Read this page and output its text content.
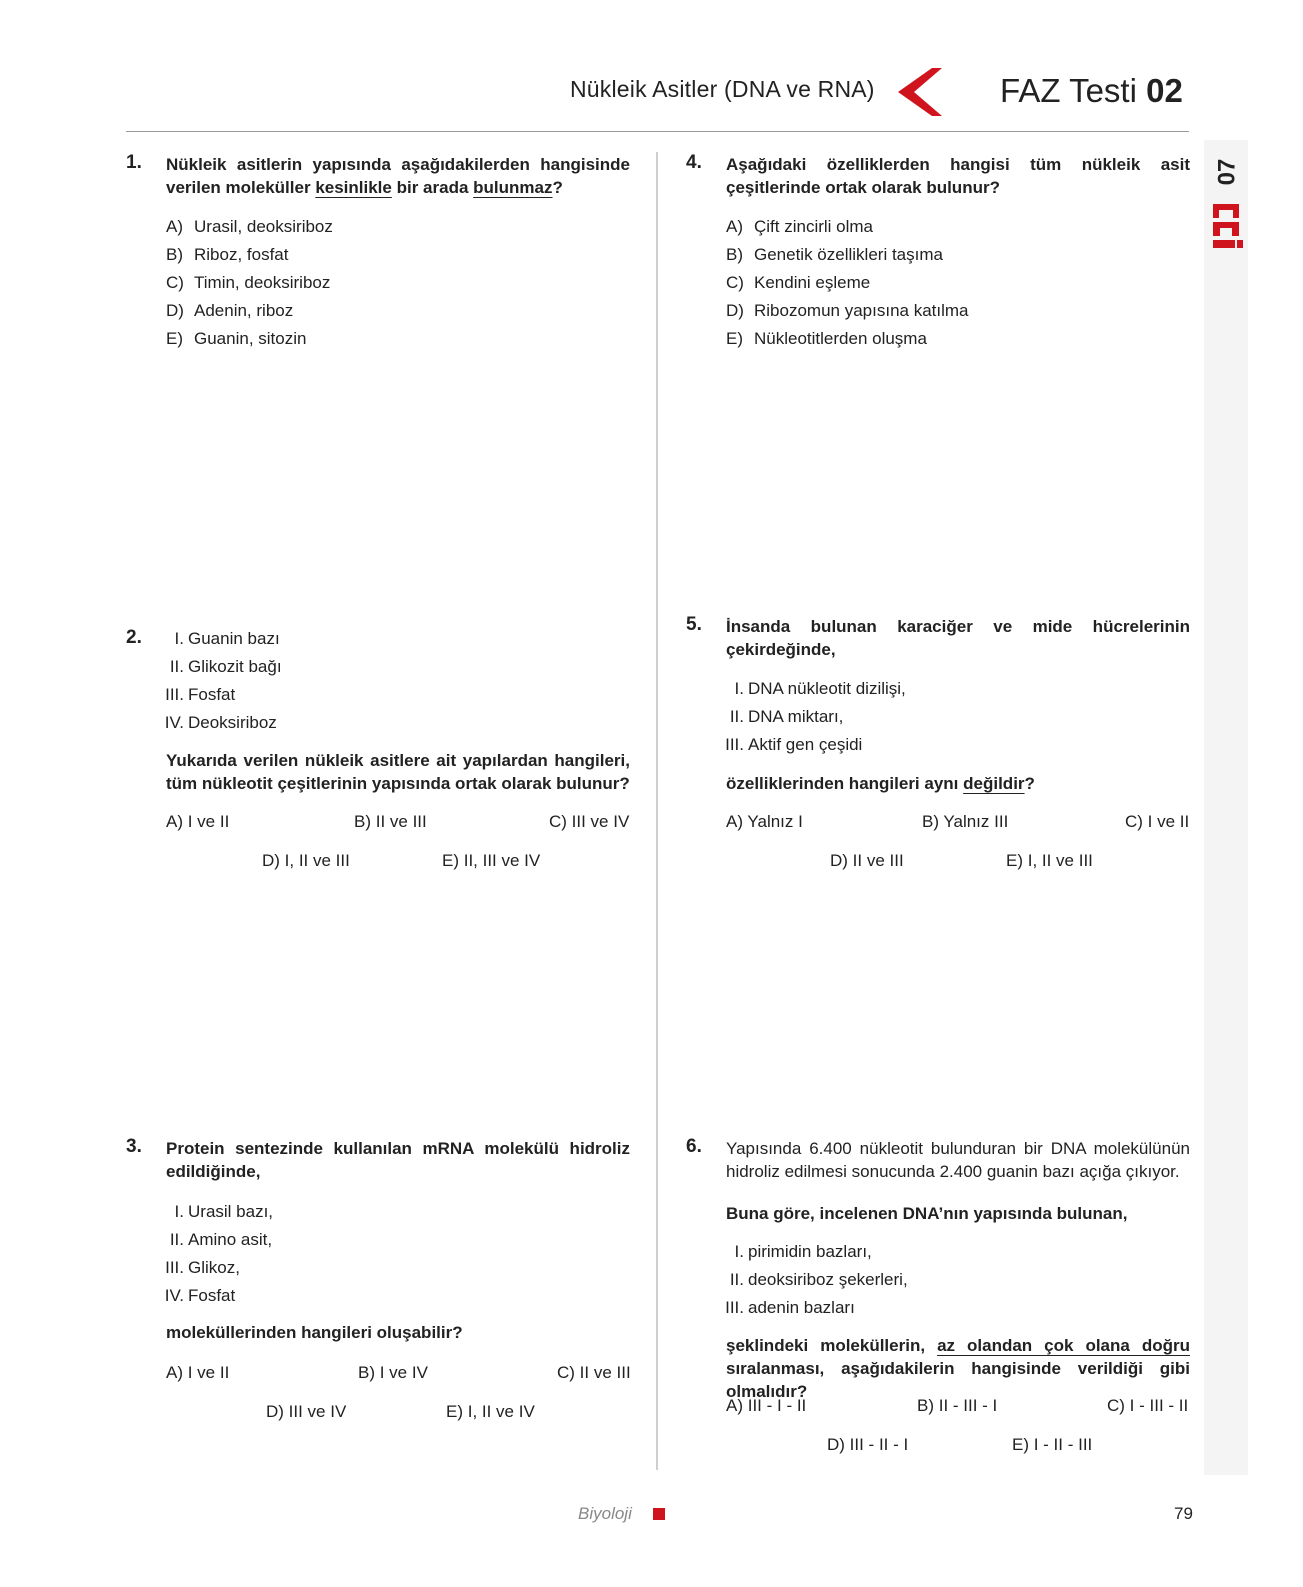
Nükleik Asitler (DNA ve RNA)	FAZ Testi 02
07
1. Nükleik asitlerin yapısında aşağıdakilerden hangisinde verilen moleküller kesinlikle bir arada bulunmaz?
A) Urasil, deoksiriboz
B) Riboz, fosfat
C) Timin, deoksiriboz
D) Adenin, riboz
E) Guanin, sitozin
2.	I. Guanin bazı
II. Glikozit bağı
III. Fosfat
IV. Deoksiriboz
Yukarıda verilen nükleik asitlere ait yapılardan hangileri, tüm nükleotit çeşitlerinin yapısında ortak olarak bulunur?
A) I ve II	B) II ve III	C) III ve IV
D) I, II ve III	E) II, III ve IV
3. Protein sentezinde kullanılan mRNA molekülü hidroliz edildiğinde,
I. Urasil bazı,
II. Amino asit,
III. Glikoz,
IV. Fosfat
moleküllerinden hangileri oluşabilir?
A) I ve II	B) I ve IV	C) II ve III
D) III ve IV	E) I, II ve IV
4. Aşağıdaki özelliklerden hangisi tüm nükleik asit çeşitlerinde ortak olarak bulunur?
A) Çift zincirli olma
B) Genetik özellikleri taşıma
C) Kendini eşleme
D) Ribozomun yapısına katılma
E) Nükleotitlerden oluşma
5. İnsanda bulunan karaciğer ve mide hücrelerinin çekirdeğinde,
I. DNA nükleotit dizilişi,
II. DNA miktarı,
III. Aktif gen çeşidi
özelliklerinden hangileri aynı değildir?
A) Yalnız I	B) Yalnız III	C) I ve II
D) II ve III	E) I, II ve III
6. Yapısında 6.400 nükleotit bulunduran bir DNA molekülünün hidroliz edilmesi sonucunda 2.400 guanin bazı açığa çıkıyor.
Buna göre, incelenen DNA’nın yapısında bulunan,
I. pirimidin bazları,
II. deoksiriboz şekerleri,
III. adenin bazları
şeklindeki moleküllerin, az olandan çok olana doğru sıralanması, aşağıdakilerin hangisinde verildiği gibi olmalıdır?
A) III - I - II	B) II - III - I	C) I - III - II
D) III - II - I	E) I - II - III
Biyoloji	79
